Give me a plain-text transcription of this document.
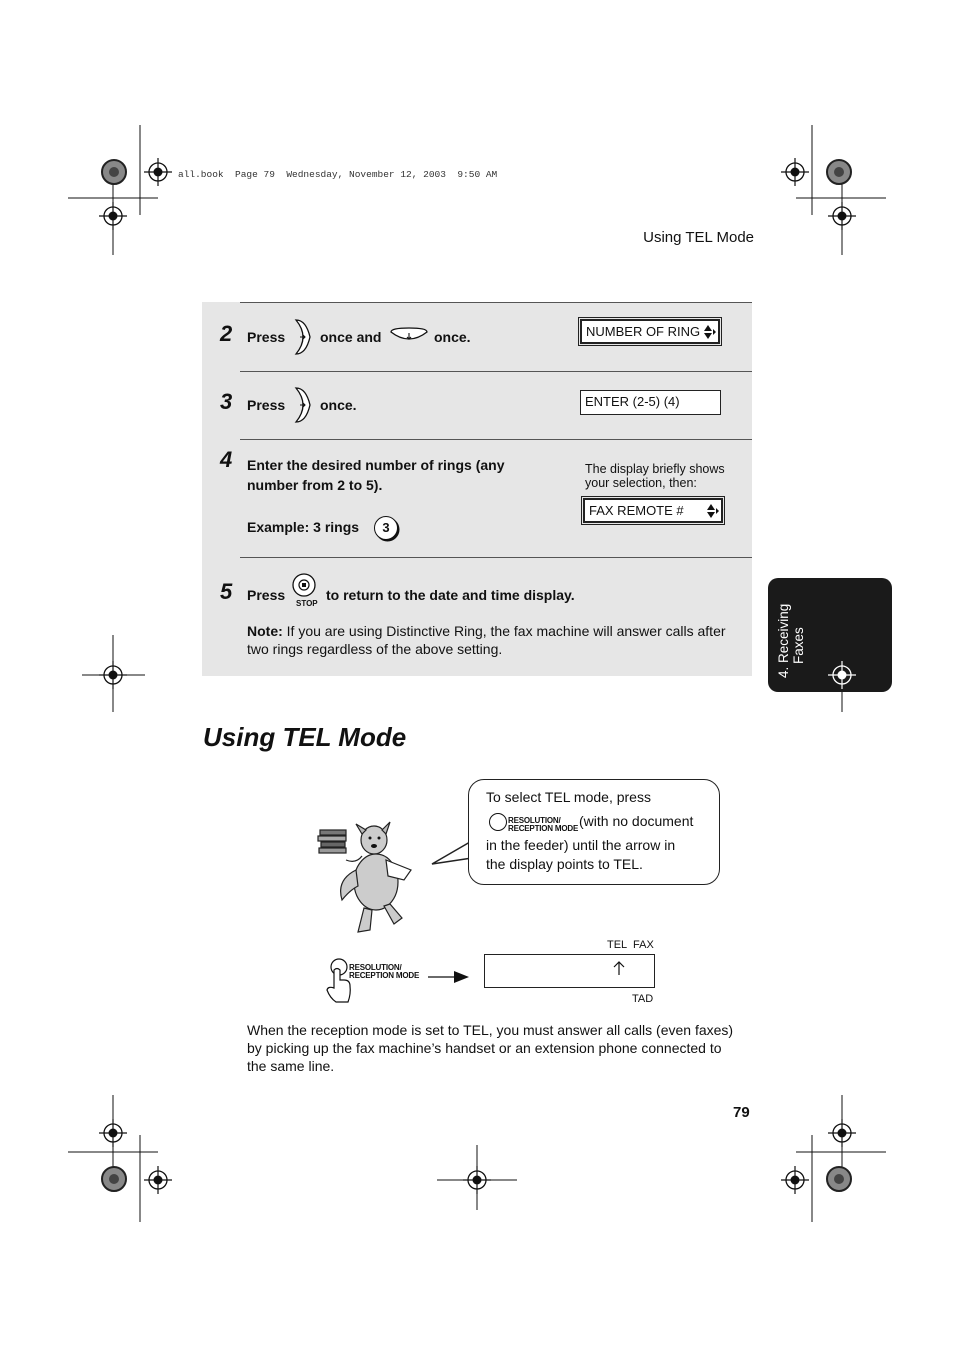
all.book  Page 79  Wednesday, November 12, 2003  9:50 AM
Using TEL Mode
2 Press once and	once.	NUMBER OF RING
3 Press once.	ENTER (2-5) (4)
4 Enter the desired number of rings (any
number from 2 to 5).
Example: 3 rings	3
The display briefly shows
your selection, then:
FAX REMOTE #
5 Press
STOP
to return to the date and time display.
Note: If you are using Distinctive Ring, the fax machine will answer calls after
two rings regardless of the above setting.	4. Receiving Faxes
Using TEL Mode
To select TEL mode, press
RESOLUTION/
RECEPTION MODE (with no document
in the feeder) until the arrow in
the display points to TEL.
RESOLUTION/
RECEPTION MODE
TEL FAX
TAD
When the reception mode is set to TEL, you must answer all calls (even faxes)
by picking up the fax machine’s handset or an extension phone connected to
the same line.
79
